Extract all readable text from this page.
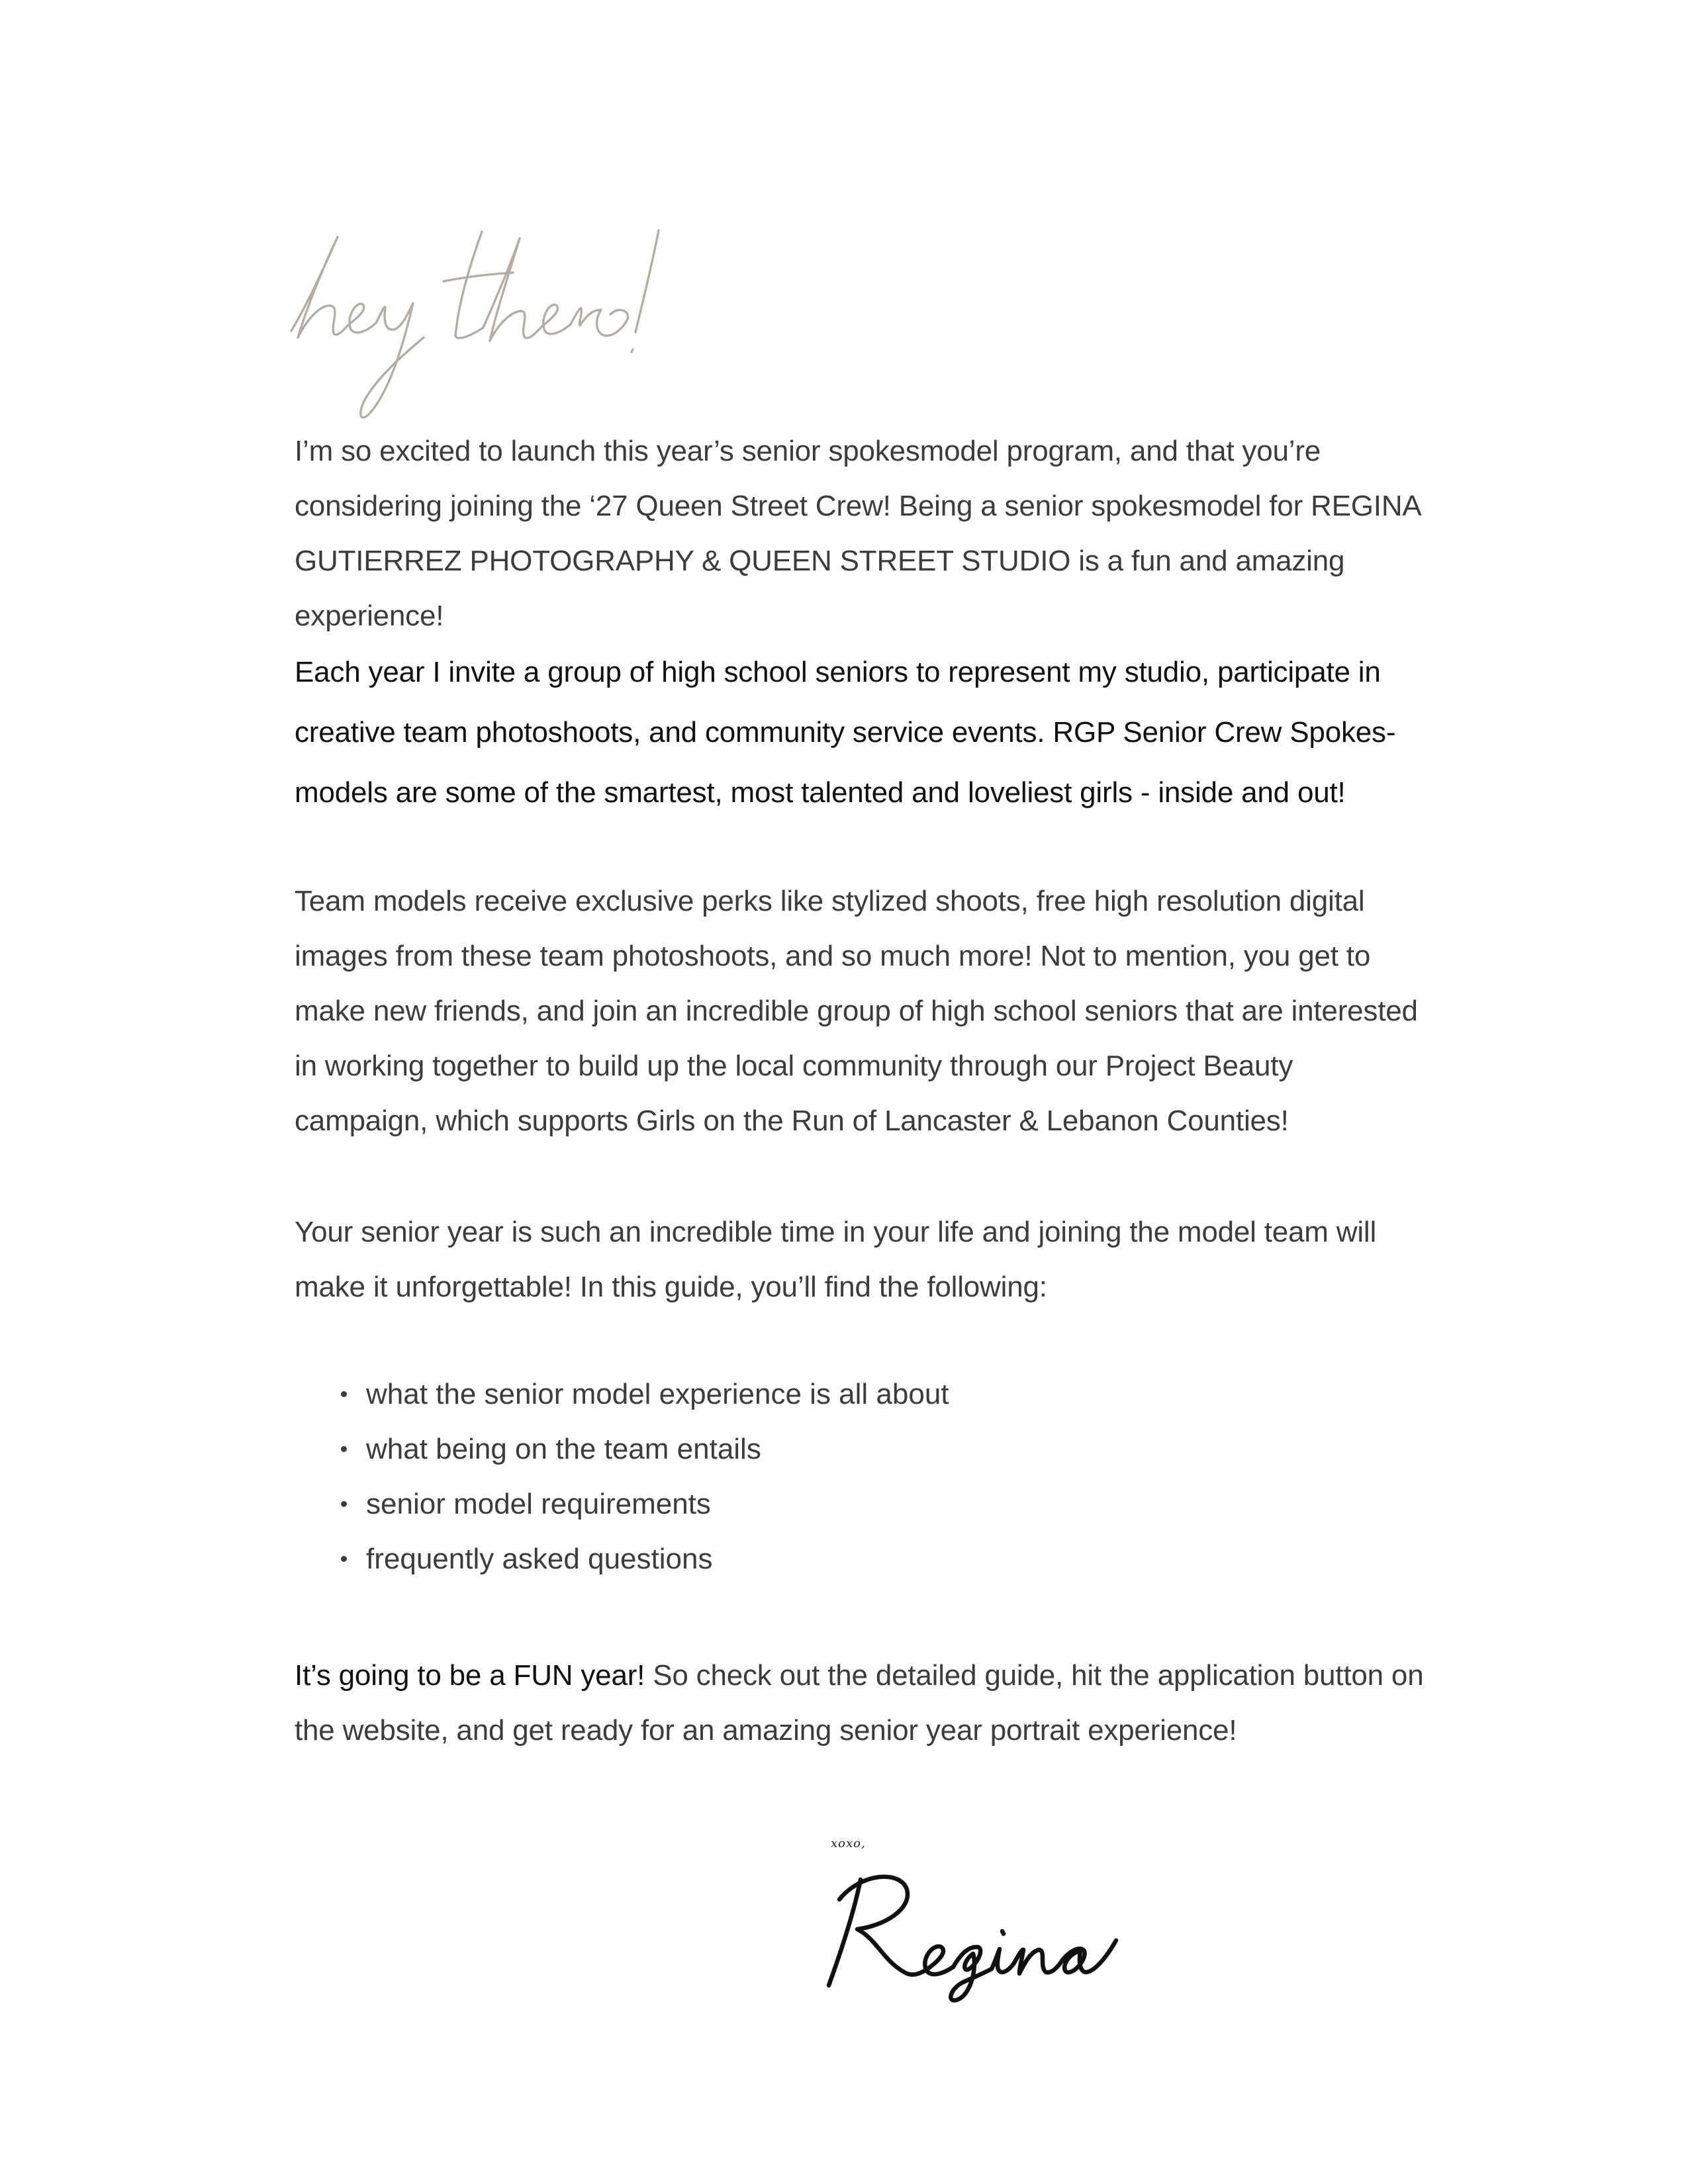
I’m so excited to launch this year’s senior spokesmodel program, and that you’re considering joining the ‘27 Queen Street Crew! Being a senior spokesmodel for REGINA GUTIERREZ PHOTOGRAPHY & QUEEN STREET STUDIO is a fun and amazing experience!

Each year I invite a group of high school seniors to represent my studio, participate in creative team photoshoots, and community service events. RGP Senior Crew Spokes-models are some of the smartest, most talented and loveliest girls - inside and out!

Team models receive exclusive perks like stylized shoots, free high resolution digital images from these team photoshoots, and so much more! Not to mention, you get to make new friends, and join an incredible group of high school seniors that are interested in working together to build up the local community through our Project Beauty campaign, which supports Girls on the Run of Lancaster & Lebanon Counties!

Your senior year is such an incredible time in your life and joining the model team will make it unforgettable! In this guide, you’ll find the following:

what the senior model experience is all about
what being on the team entails
senior model requirements
frequently asked questions

It’s going to be a FUN year! So check out the detailed guide, hit the application button on the website, and get ready for an amazing senior year portrait experience!

xoxo,
